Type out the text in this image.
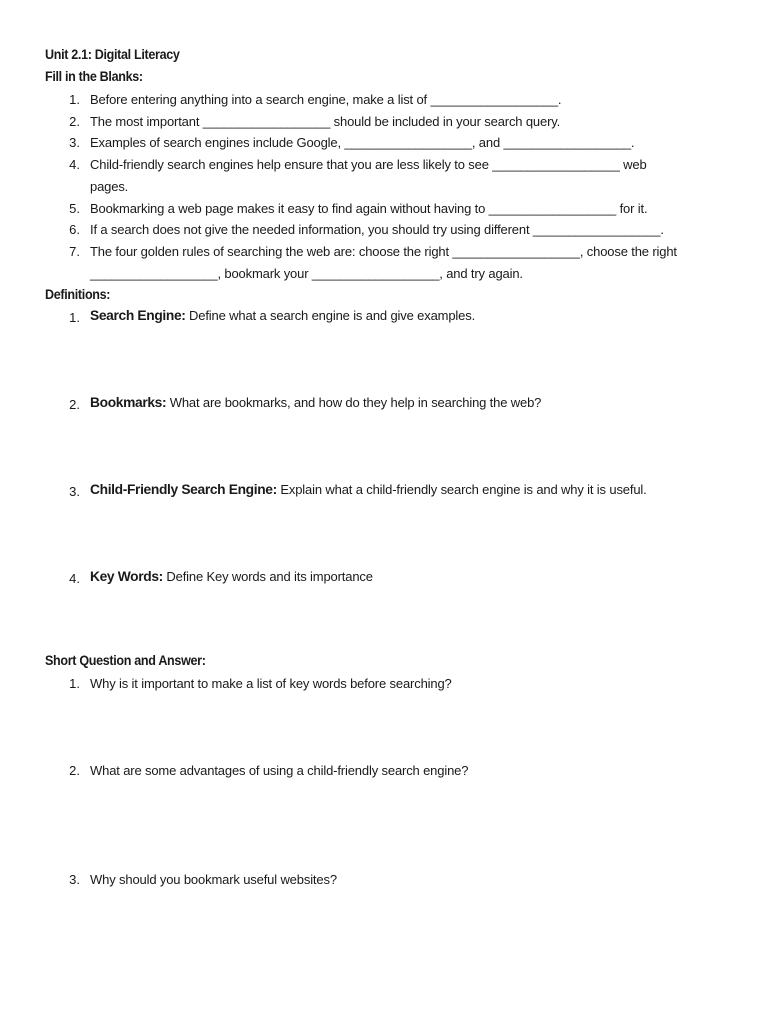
Unit 2.1: Digital Literacy
Fill in the Blanks:
1. Before entering anything into a search engine, make a list of __________________.
2. The most important __________________ should be included in your search query.
3. Examples of search engines include Google, __________________, and __________________.
4. Child-friendly search engines help ensure that you are less likely to see __________________ web
pages.
5. Bookmarking a web page makes it easy to find again without having to __________________ for it.
6. If a search does not give the needed information, you should try using different __________________.
7. The four golden rules of searching the web are: choose the right __________________, choose the right
__________________, bookmark your __________________, and try again.
Definitions:
1. Search Engine: Define what a search engine is and give examples.
2. Bookmarks: What are bookmarks, and how do they help in searching the web?
3. Child-Friendly Search Engine: Explain what a child-friendly search engine is and why it is useful.
4. Key Words: Define Key words and its importance
Short Question and Answer:
1. Why is it important to make a list of key words before searching?
2. What are some advantages of using a child-friendly search engine?
3. Why should you bookmark useful websites?
